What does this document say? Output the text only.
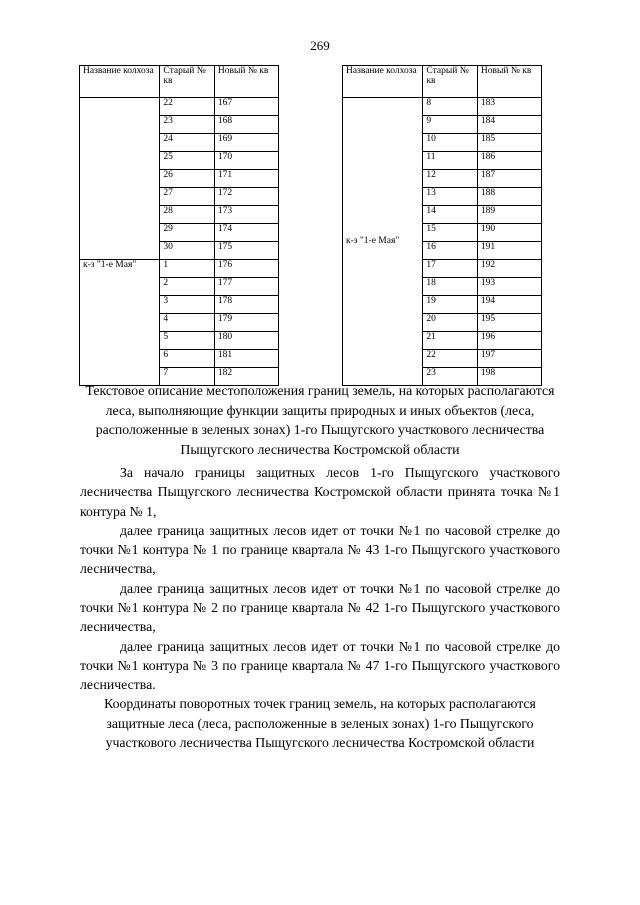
269
Название колхоза	Старый № кв	Новый № кв
	22	167
	23	168
	24	169
	25	170
	26	171
	27	172
	28	173
	29	174
	30	175
к-з "1-е Мая"	1	176
	2	177
	3	178
	4	179
	5	180
	6	181
	7	182
Название колхоза	Старый № кв	Новый № кв
к-з "1-е Мая"	8	183
	9	184
	10	185
	11	186
	12	187
	13	188
	14	189
	15	190
	16	191
	17	192
	18	193
	19	194
	20	195
	21	196
	22	197
	23	198
Текстовое описание местоположения границ земель, на которых располагаются леса, выполняющие функции защиты природных и иных объектов (леса, расположенные в зеленых зонах) 1-го Пыщугского участкового лесничества Пыщугского лесничества Костромской области

За начало границы защитных лесов 1-го Пыщугского участкового лесничества Пыщугского лесничества Костромской области принята точка №1 контура № 1,

далее граница защитных лесов идет от точки №1 по часовой стрелке до точки №1 контура № 1 по границе квартала № 43 1-го Пыщугского участкового лесничества,

далее граница защитных лесов идет от точки №1 по часовой стрелке до точки №1 контура № 2 по границе квартала № 42 1-го Пыщугского участкового лесничества,

далее граница защитных лесов идет от точки №1 по часовой стрелке до точки №1 контура № 3 по границе квартала № 47 1-го Пыщугского участкового лесничества.

Координаты поворотных точек границ земель, на которых располагаются защитные леса (леса, расположенные в зеленых зонах) 1-го Пыщугского участкового лесничества Пыщугского лесничества Костромской области
